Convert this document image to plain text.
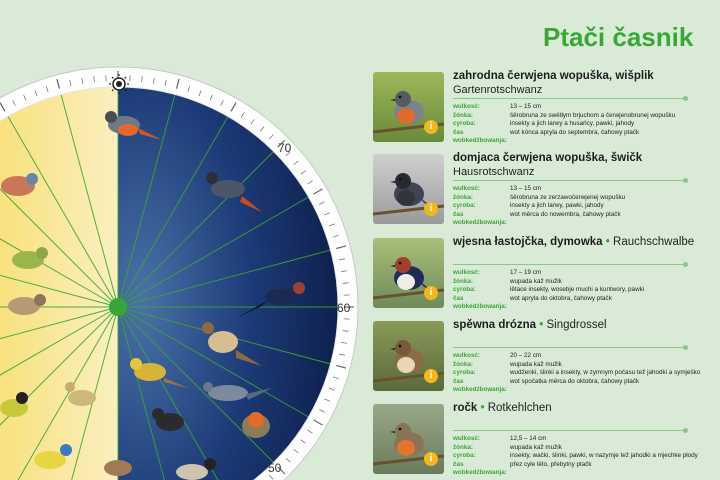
70
60
50
Ptači časnik
i
zahrodna čerwjena wopuška, wišplik
Gartenrotschwanz
wulkosć:	13 – 15 cm
žónka:	šěrobruna ze swětłym brjuchom a čerwjenobrunej wopušku
cyroba:	insekty a jich larwy a husańcy, pawki, jahody
čas wobkedźbowanja:
wot kónca apryla do septembra, čahowy ptačk
i
domjaca čerwjena wopuška, šwičk
Hausrotschwanz
wulkosć:	13 – 15 cm
žónka:	šěrobruna ze zerzawočerwjenej wopušku
cyroba:	insekty a jich larwy, pawki, jahody
čas wobkedźbowanja:
wot měrca do nowembra, čahowy ptačk
i
wjesna łastojčka, dymowka • Rauchschwalbe
wulkosć:	17 – 19 cm
žónka:	wupada kaž mužik
cyroba:	lětace insekty, wosebje muchi a kuntwory, pawki
čas wobkedźbowanja:
wot apryla do oktobra, čahowy ptačk
i
spěwna drózna • Singdrossel
wulkosć:	20 – 22 cm
žónka:	wupada kaž mužik
cyroba:	wudźenki, ślinki a insekty, w zymnym počasu tež jahodki a symješko
čas wobkedźbowanja:
wot spočatka měrca do oktobra, čahowy ptačk
i
ročk • Rotkehlchen
wulkosć:	12,5 – 14 cm
žónka:	wupada kaž mužik
cyroba:	insekty, wački, ślinki, pawki, w nazymje tež jahodki a mjechke płody
čas wobkedźbowanja:
přez cyłe lěto, přebytny ptačk
